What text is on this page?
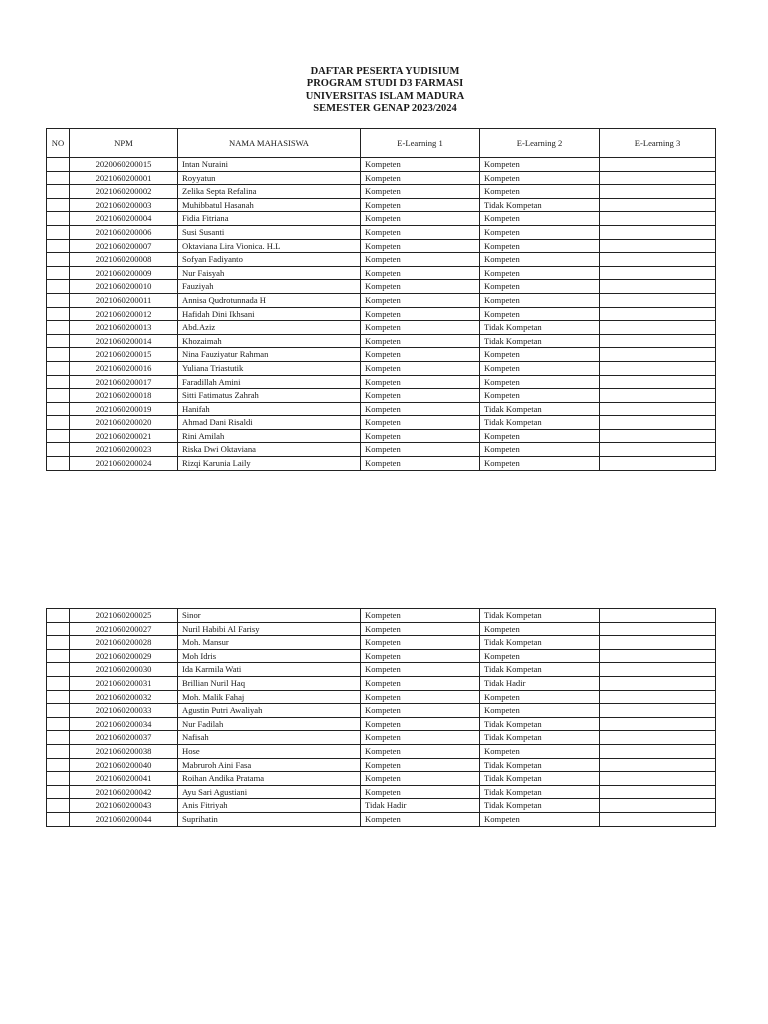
DAFTAR PESERTA YUDISIUM
PROGRAM STUDI D3 FARMASI
UNIVERSITAS ISLAM MADURA
SEMESTER GENAP 2023/2024
NO	NPM	NAMA MAHASISWA	E-Learning 1	E-Learning 2	E-Learning 3
	2020060200015	Intan Nuraini	Kompeten	Kompeten	
	2021060200001	Royyatun	Kompeten	Kompeten	
	2021060200002	Zelika Septa Refalina	Kompeten	Kompeten	
	2021060200003	Muhibbatul Hasanah	Kompeten	Tidak Kompetan	
	2021060200004	Fidia Fitriana	Kompeten	Kompeten	
	2021060200006	Susi Susanti	Kompeten	Kompeten	
	2021060200007	Oktaviana Lira Vionica. H.L	Kompeten	Kompeten	
	2021060200008	Sofyan Fadiyanto	Kompeten	Kompeten	
	2021060200009	Nur Faisyah	Kompeten	Kompeten	
	2021060200010	Fauziyah	Kompeten	Kompeten	
	2021060200011	Annisa Qudrotunnada H	Kompeten	Kompeten	
	2021060200012	Hafidah Dini Ikhsani	Kompeten	Kompeten	
	2021060200013	Abd.Aziz	Kompeten	Tidak Kompetan	
	2021060200014	Khozaimah	Kompeten	Tidak Kompetan	
	2021060200015	Nina Fauziyatur Rahman	Kompeten	Kompeten	
	2021060200016	Yuliana Triastutik	Kompeten	Kompeten	
	2021060200017	Faradillah Amini	Kompeten	Kompeten	
	2021060200018	Sitti Fatimatus Zahrah	Kompeten	Kompeten	
	2021060200019	Hanifah	Kompeten	Tidak Kompetan	
	2021060200020	Ahmad Dani Risaldi	Kompeten	Tidak Kompetan	
	2021060200021	Rini Amilah	Kompeten	Kompeten	
	2021060200023	Riska Dwi Oktaviana	Kompeten	Kompeten	
	2021060200024	Rizqi Karunia Laily	Kompeten	Kompeten	
	2021060200025	Sinor	Kompeten	Tidak Kompetan	
	2021060200027	Nuril Habibi Al Farisy	Kompeten	Kompeten	
	2021060200028	Moh. Mansur	Kompeten	Tidak Kompetan	
	2021060200029	Moh Idris	Kompeten	Kompeten	
	2021060200030	Ida Karmila Wati	Kompeten	Tidak Kompetan	
	2021060200031	Brillian Nuril Haq	Kompeten	Tidak Hadir	
	2021060200032	Moh. Malik Fahaj	Kompeten	Kompeten	
	2021060200033	Agustin Putri Awaliyah	Kompeten	Kompeten	
	2021060200034	Nur Fadilah	Kompeten	Tidak Kompetan	
	2021060200037	Nafisah	Kompeten	Tidak Kompetan	
	2021060200038	Hose	Kompeten	Kompeten	
	2021060200040	Mabruroh Aini Fasa	Kompeten	Tidak Kompetan	
	2021060200041	Roihan Andika Pratama	Kompeten	Tidak Kompetan	
	2021060200042	Ayu Sari Agustiani	Kompeten	Tidak Kompetan	
	2021060200043	Anis Fitriyah	Tidak Hadir	Tidak Kompetan	
	2021060200044	Suprihatin	Kompeten	Kompeten	
